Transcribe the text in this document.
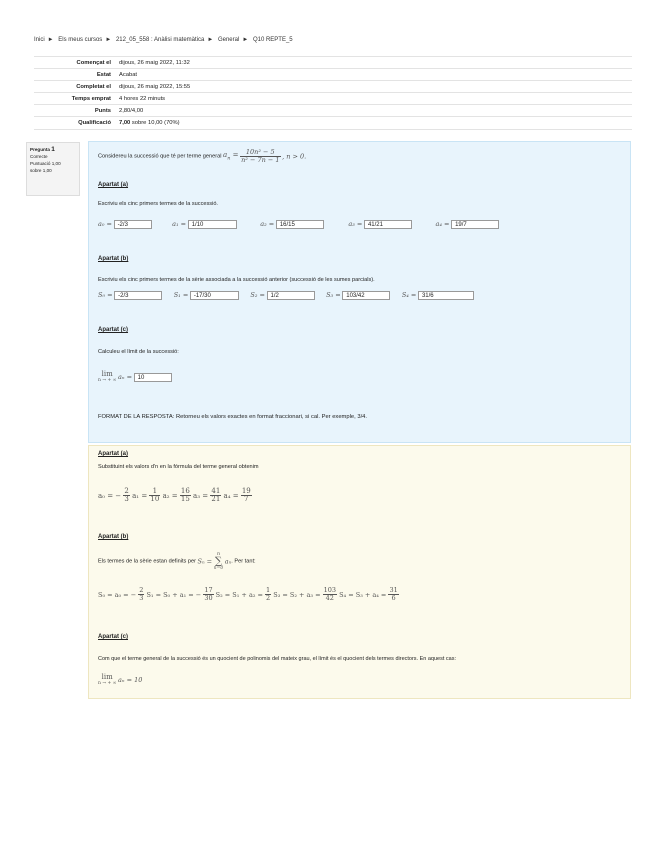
Inici ► Els meus cursos ► 212_05_558 : Anàlisi matemàtica ► General ► Q10 REPTE_5
Començat el	dijous, 26 maig 2022, 11:32
Estat	Acabat
Completat el	dijous, 26 maig 2022, 15:55
Temps emprat	4 hores 22 minuts
Punts	2,80/4,00
Qualificació	7,00 sobre 10,00 (70%)
Pregunta 1
Correcte
Puntuació 1,00
sobre 1,00
Considereu la successió que té per terme general $a_n = \frac{\text{10n² − 5}}{\text{n² − 7n − 1}}$ , n > 0.
Apartat (a)
Escriviu els cinc primers termes de la successió.
a₀ = -2/3	a₁ = 1/10	a₂ = 16/15	a₃ = 41/21	a₄ = 19/7
Apartat (b)
Escriviu els cinc primers termes de la sèrie associada a la successió anterior (successió de les sumes parcials).
S₀ = -2/3	S₁ = -17/30	S₂ = 1/2	S₃ = 103/42	S₄ = 31/6
Apartat (c)
Calculeu el límit de la successió:
lim
n → + ∞ aₙ = 10
FORMAT DE LA RESPOSTA: Retorneu els valors exactes en format fraccionari, si cal. Per exemple, 3/4.
Apartat (a)
Substituint els valors d'n en la fórmula del terme general obtenim
a₀ = − $\frac{2}{3} a_1 = \frac{1}{10} a_2 = \frac{16}{15} a_3 = \frac{41}{21} a_4 = \frac{19}{7}$
Apartat (b)
Els termes de la sèrie estan definits per Sₙ =
n
∑
n=0
aₙ. Per tant:
S₀ = a₀ = − $\frac{2}{3} S_1 = S_0 + a_1$ = − $\frac{17}{30} S_2 = S_1 + a_2 = \frac{1}{2} S_3 = S_2 + a_3 = \frac{103}{42} S_4 = S_3 + a_4 = \frac{31}{6}$
Apartat (c)
Com que el terme general de la successió és un quocient de polinomis del mateix grau, el límit és el quocient dels termes directors. En aquest cas:
lim
n → + ∞ aₙ = 10
